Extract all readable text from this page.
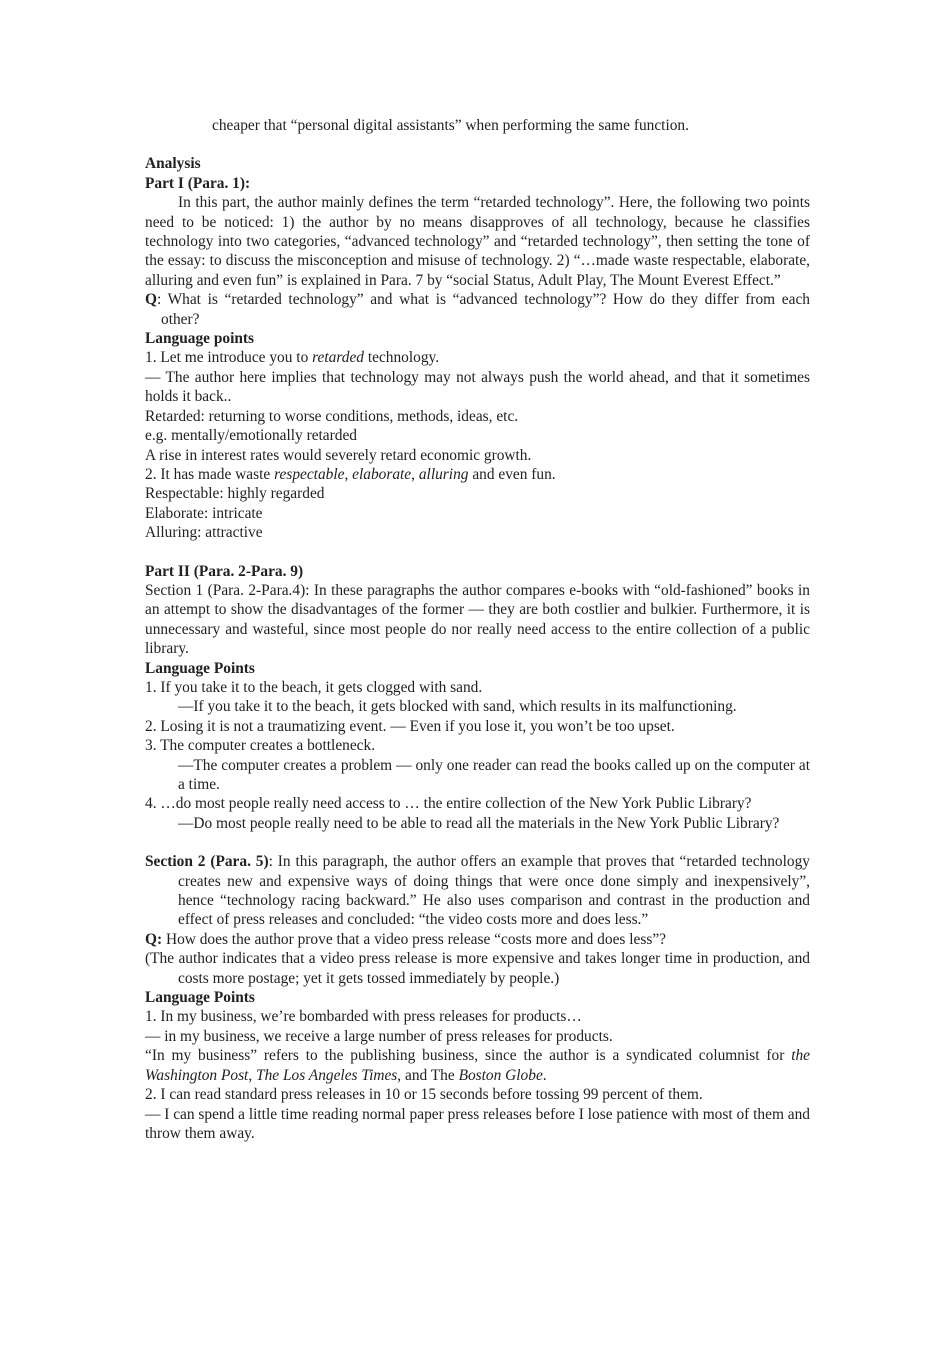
cheaper that “personal digital assistants” when performing the same function.

Analysis

Part I (Para. 1):

In this part, the author mainly defines the term “retarded technology”. Here, the following two points need to be noticed: 1) the author by no means disapproves of all technology, because he classifies technology into two categories, “advanced technology” and “retarded technology”, then setting the tone of the essay: to discuss the misconception and misuse of technology. 2) “…made waste respectable, elaborate, alluring and even fun” is explained in Para. 7 by “social Status, Adult Play, The Mount Everest Effect.”

Q: What is “retarded technology” and what is “advanced technology”? How do they differ from each other?

Language points

1. Let me introduce you to retarded technology.

— The author here implies that technology may not always push the world ahead, and that it sometimes holds it back..

Retarded: returning to worse conditions, methods, ideas, etc.

e.g. mentally/emotionally retarded

A rise in interest rates would severely retard economic growth.

2. It has made waste respectable, elaborate, alluring and even fun.

Respectable: highly regarded

Elaborate: intricate

Alluring: attractive

Part II (Para. 2-Para. 9)

Section 1 (Para. 2-Para.4): In these paragraphs the author compares e-books with “old-fashioned” books in an attempt to show the disadvantages of the former — they are both costlier and bulkier. Furthermore, it is unnecessary and wasteful, since most people do nor really need access to the entire collection of a public library.

Language Points

1. If you take it to the beach, it gets clogged with sand.

—If you take it to the beach, it gets blocked with sand, which results in its malfunctioning.

2. Losing it is not a traumatizing event. — Even if you lose it, you won’t be too upset.

3. The computer creates a bottleneck.

—The computer creates a problem — only one reader can read the books called up on the computer at a time.

4. …do most people really need access to … the entire collection of the New York Public Library?

—Do most people really need to be able to read all the materials in the New York Public Library?

Section 2 (Para. 5): In this paragraph, the author offers an example that proves that “retarded technology creates new and expensive ways of doing things that were once done simply and inexpensively”, hence “technology racing backward.” He also uses comparison and contrast in the production and effect of press releases and concluded: “the video costs more and does less.”

Q: How does the author prove that a video press release “costs more and does less”?

(The author indicates that a video press release is more expensive and takes longer time in production, and costs more postage; yet it gets tossed immediately by people.)

Language Points

1. In my business, we’re bombarded with press releases for products…

— in my business, we receive a large number of press releases for products.

“In my business” refers to the publishing business, since the author is a syndicated columnist for the Washington Post, The Los Angeles Times, and The Boston Globe.

2. I can read standard press releases in 10 or 15 seconds before tossing 99 percent of them.

— I can spend a little time reading normal paper press releases before I lose patience with most of them and throw them away.
